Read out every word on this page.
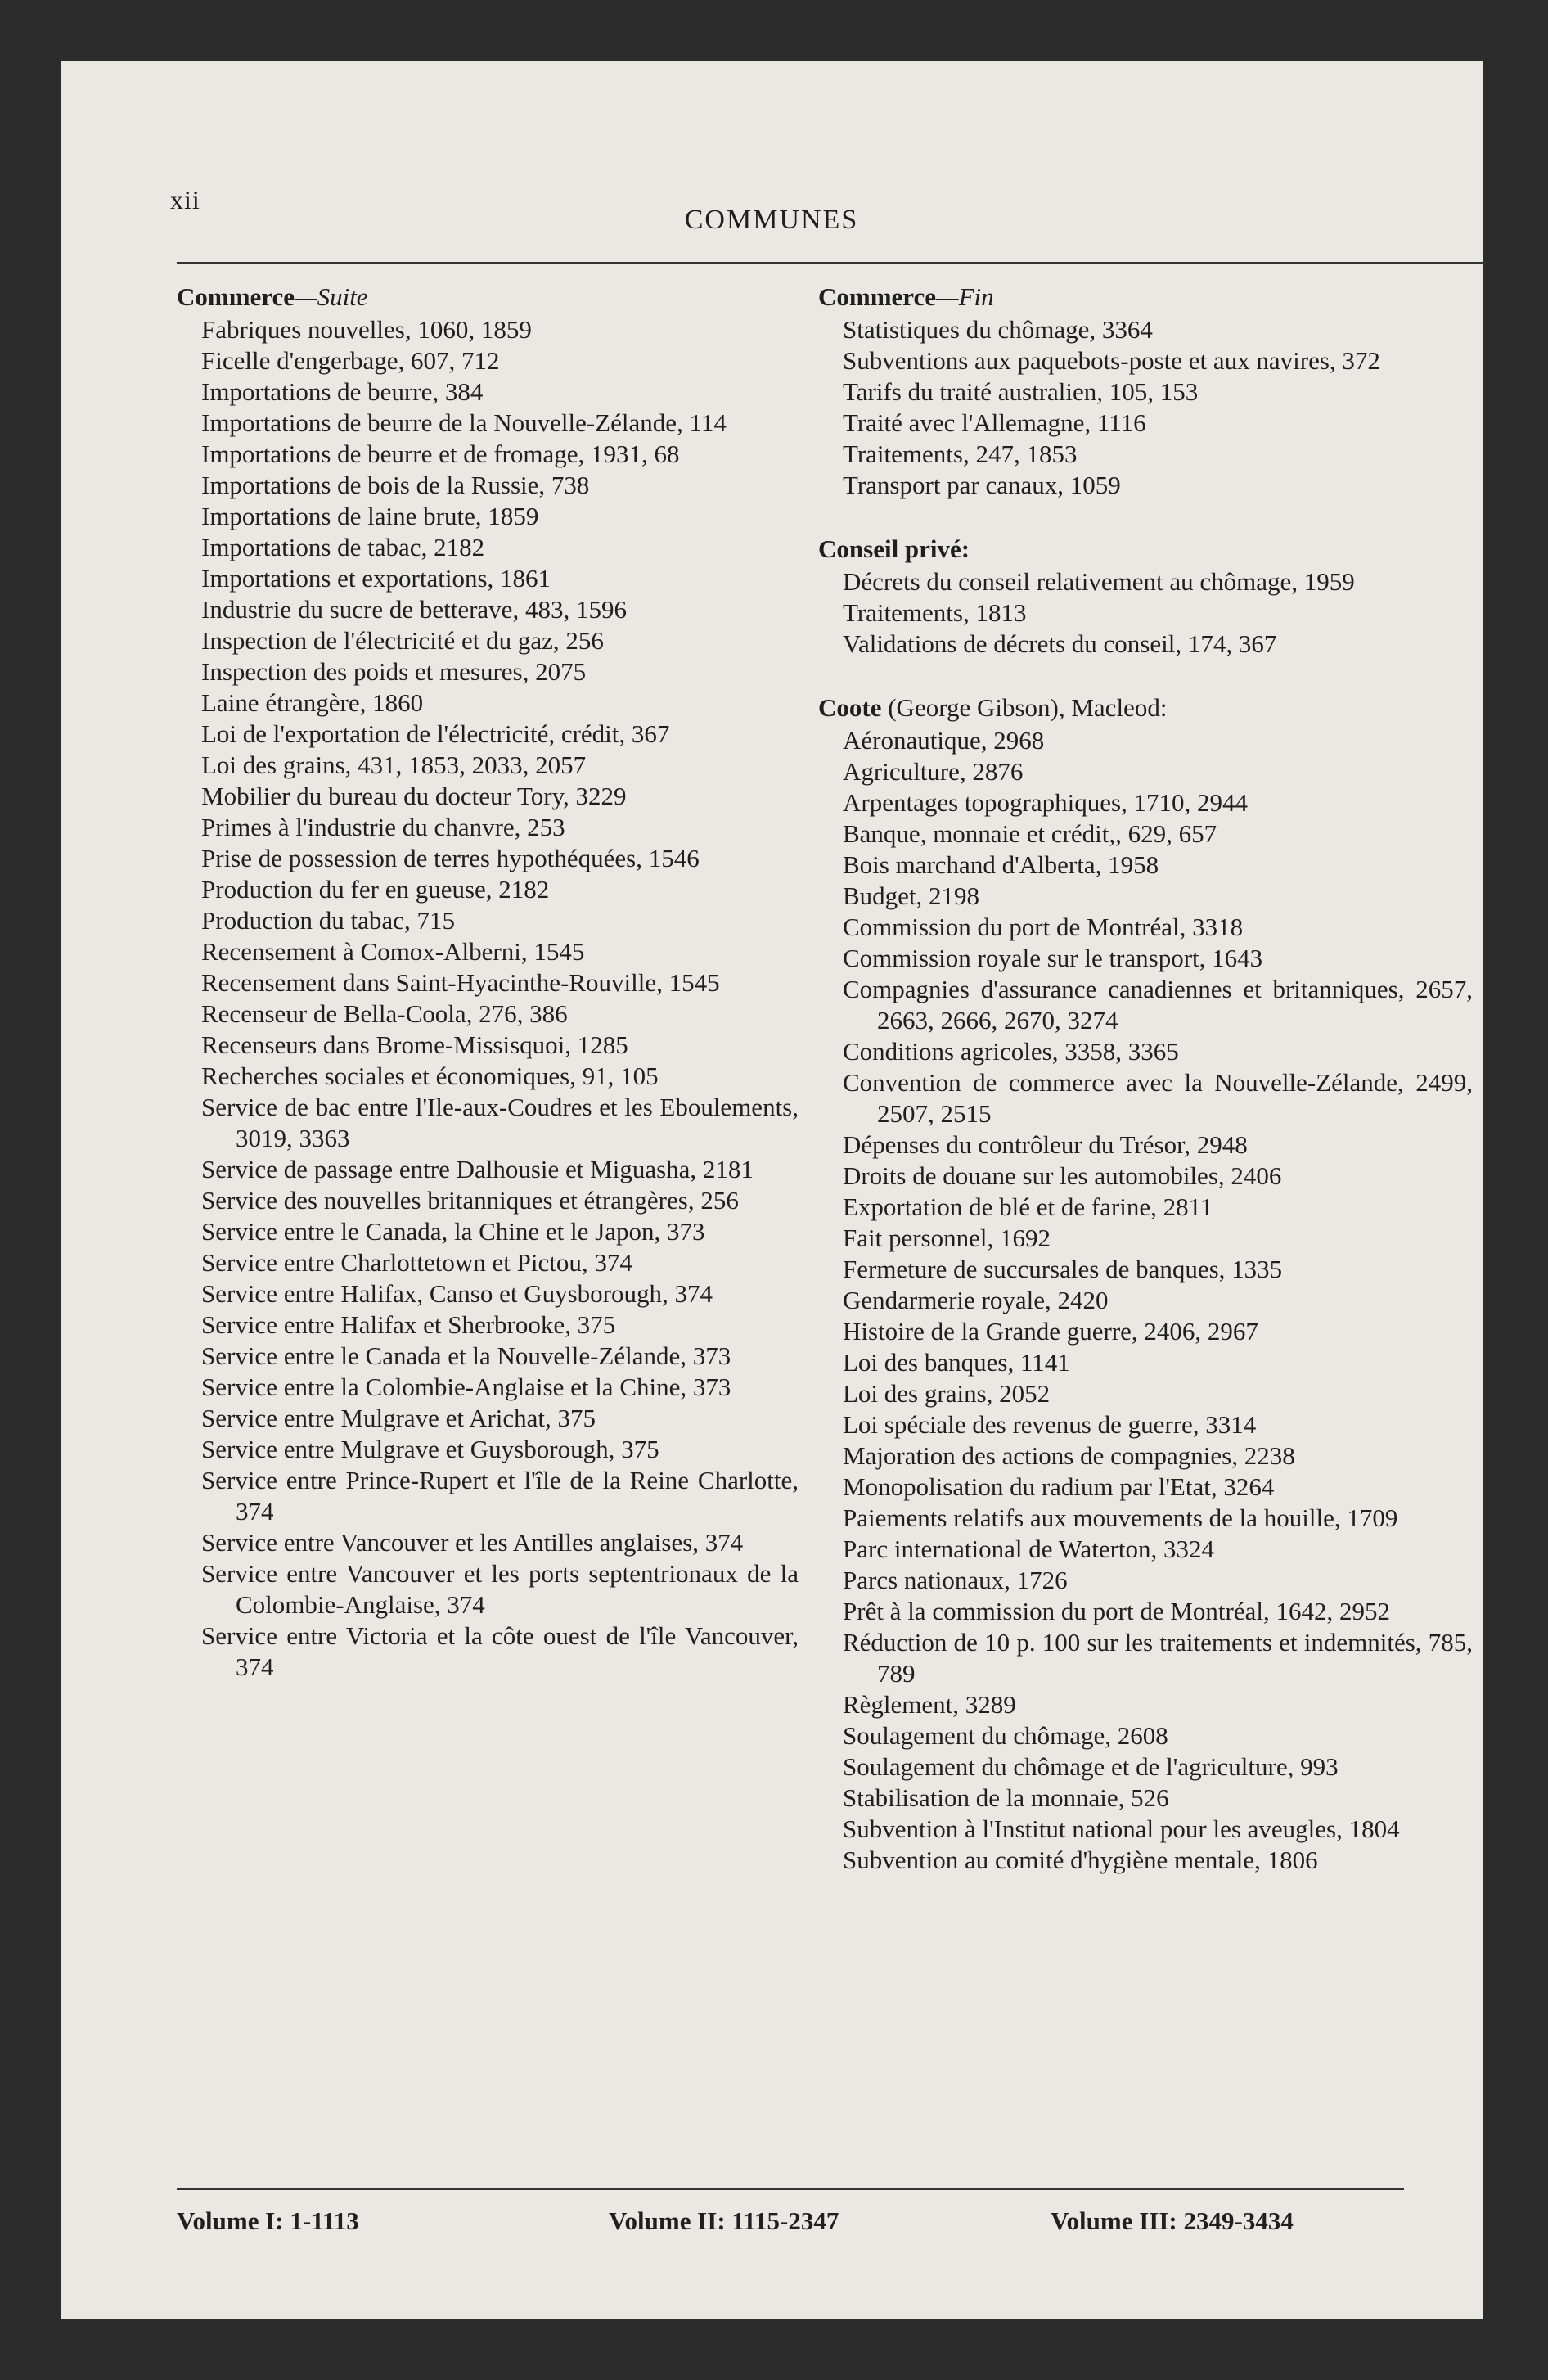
xii
COMMUNES
Commerce—Suite
Fabriques nouvelles, 1060, 1859
Ficelle d'engerbage, 607, 712
Importations de beurre, 384
Importations de beurre de la Nouvelle-Zélande, 114
Importations de beurre et de fromage, 1931, 68
Importations de bois de la Russie, 738
Importations de laine brute, 1859
Importations de tabac, 2182
Importations et exportations, 1861
Industrie du sucre de betterave, 483, 1596
Inspection de l'électricité et du gaz, 256
Inspection des poids et mesures, 2075
Laine étrangère, 1860
Loi de l'exportation de l'électricité, crédit, 367
Loi des grains, 431, 1853, 2033, 2057
Mobilier du bureau du docteur Tory, 3229
Primes à l'industrie du chanvre, 253
Prise de possession de terres hypothéquées, 1546
Production du fer en gueuse, 2182
Production du tabac, 715
Recensement à Comox-Alberni, 1545
Recensement dans Saint-Hyacinthe-Rouville, 1545
Recenseur de Bella-Coola, 276, 386
Recenseurs dans Brome-Missisquoi, 1285
Recherches sociales et économiques, 91, 105
Service de bac entre l'Ile-aux-Coudres et les Eboulements, 3019, 3363
Service de passage entre Dalhousie et Miguasha, 2181
Service des nouvelles britanniques et étrangères, 256
Service entre le Canada, la Chine et le Japon, 373
Service entre Charlottetown et Pictou, 374
Service entre Halifax, Canso et Guysborough, 374
Service entre Halifax et Sherbrooke, 375
Service entre le Canada et la Nouvelle-Zélande, 373
Service entre la Colombie-Anglaise et la Chine, 373
Service entre Mulgrave et Arichat, 375
Service entre Mulgrave et Guysborough, 375
Service entre Prince-Rupert et l'île de la Reine Charlotte, 374
Service entre Vancouver et les Antilles anglaises, 374
Service entre Vancouver et les ports septentrionaux de la Colombie-Anglaise, 374
Service entre Victoria et la côte ouest de l'île Vancouver, 374
Commerce—Fin
Statistiques du chômage, 3364
Subventions aux paquebots-poste et aux navires, 372
Tarifs du traité australien, 105, 153
Traité avec l'Allemagne, 1116
Traitements, 247, 1853
Transport par canaux, 1059
Conseil privé:
Décrets du conseil relativement au chômage, 1959
Traitements, 1813
Validations de décrets du conseil, 174, 367
Coote (George Gibson), Macleod:
Aéronautique, 2968
Agriculture, 2876
Arpentages topographiques, 1710, 2944
Banque, monnaie et crédit,, 629, 657
Bois marchand d'Alberta, 1958
Budget, 2198
Commission du port de Montréal, 3318
Commission royale sur le transport, 1643
Compagnies d'assurance canadiennes et britanniques, 2657, 2663, 2666, 2670, 3274
Conditions agricoles, 3358, 3365
Convention de commerce avec la Nouvelle-Zélande, 2499, 2507, 2515
Dépenses du contrôleur du Trésor, 2948
Droits de douane sur les automobiles, 2406
Exportation de blé et de farine, 2811
Fait personnel, 1692
Fermeture de succursales de banques, 1335
Gendarmerie royale, 2420
Histoire de la Grande guerre, 2406, 2967
Loi des banques, 1141
Loi des grains, 2052
Loi spéciale des revenus de guerre, 3314
Majoration des actions de compagnies, 2238
Monopolisation du radium par l'Etat, 3264
Paiements relatifs aux mouvements de la houille, 1709
Parc international de Waterton, 3324
Parcs nationaux, 1726
Prêt à la commission du port de Montréal, 1642, 2952
Réduction de 10 p. 100 sur les traitements et indemnités, 785, 789
Règlement, 3289
Soulagement du chômage, 2608
Soulagement du chômage et de l'agriculture, 993
Stabilisation de la monnaie, 526
Subvention à l'Institut national pour les aveugles, 1804
Subvention au comité d'hygiène mentale, 1806
Volume I: 1-1113	Volume II: 1115-2347	Volume III: 2349-3434
